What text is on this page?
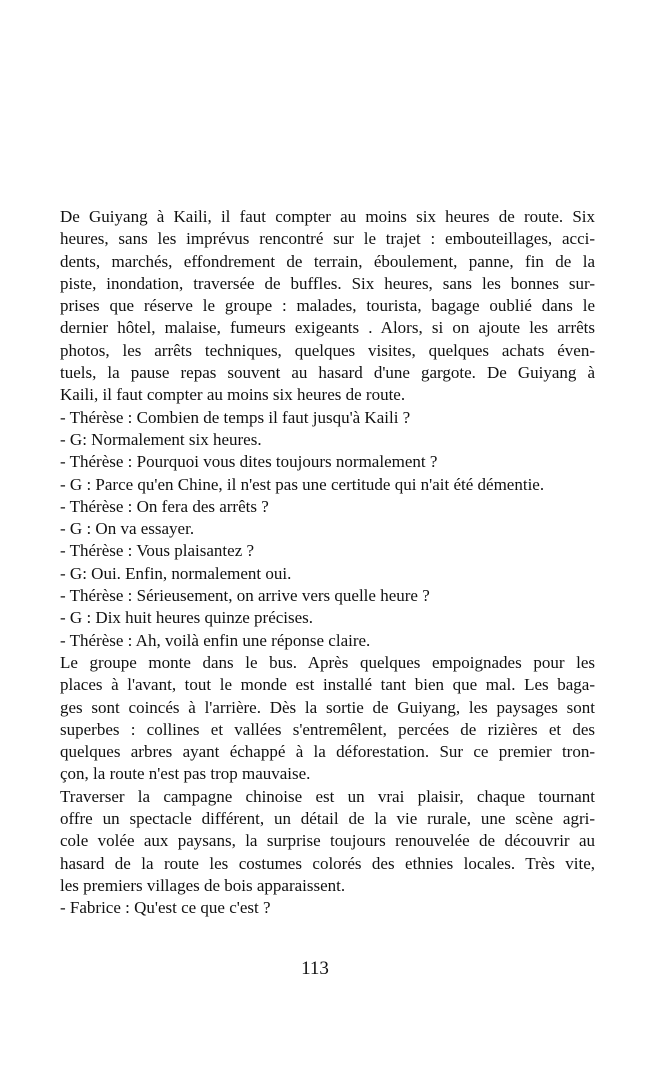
De Guiyang à Kaili, il faut compter au moins six heures de route. Six
heures, sans les imprévus rencontré sur le trajet : embouteillages, acci-
dents, marchés, effondrement de terrain, éboulement, panne, fin de la
piste, inondation, traversée de buffles. Six heures, sans les bonnes sur-
prises que réserve le groupe : malades, tourista, bagage oublié dans le
dernier hôtel, malaise, fumeurs exigeants . Alors, si on ajoute les arrêts
photos, les arrêts techniques, quelques visites, quelques achats éven-
tuels, la pause repas souvent au hasard d'une gargote. De Guiyang à
Kaili, il faut compter au moins six heures de route.
- Thérèse : Combien de temps il faut jusqu'à Kaili ?
- G: Normalement six heures.
- Thérèse : Pourquoi vous dites toujours normalement ?
- G : Parce qu'en Chine, il n'est pas une certitude qui n'ait été démentie.
- Thérèse : On fera des arrêts ?
- G : On va essayer.
- Thérèse : Vous plaisantez ?
- G: Oui. Enfin, normalement oui.
- Thérèse : Sérieusement, on arrive vers quelle heure ?
- G : Dix huit heures quinze précises.
- Thérèse : Ah, voilà enfin une réponse claire.
Le groupe monte dans le bus. Après quelques empoignades pour les
places à l'avant, tout le monde est installé tant bien que mal. Les baga-
ges sont coincés à l'arrière. Dès la sortie de Guiyang, les paysages sont
superbes : collines et vallées s'entremêlent, percées de rizières et des
quelques arbres ayant échappé à la déforestation. Sur ce premier tron-
çon, la route n'est pas trop mauvaise.
Traverser la campagne chinoise est un vrai plaisir, chaque tournant
offre un spectacle différent, un détail de la vie rurale, une scène agri-
cole volée aux paysans, la surprise toujours renouvelée de découvrir au
hasard de la route les costumes colorés des ethnies locales. Très vite,
les premiers villages de bois apparaissent.
- Fabrice : Qu'est ce que c'est ?
113
